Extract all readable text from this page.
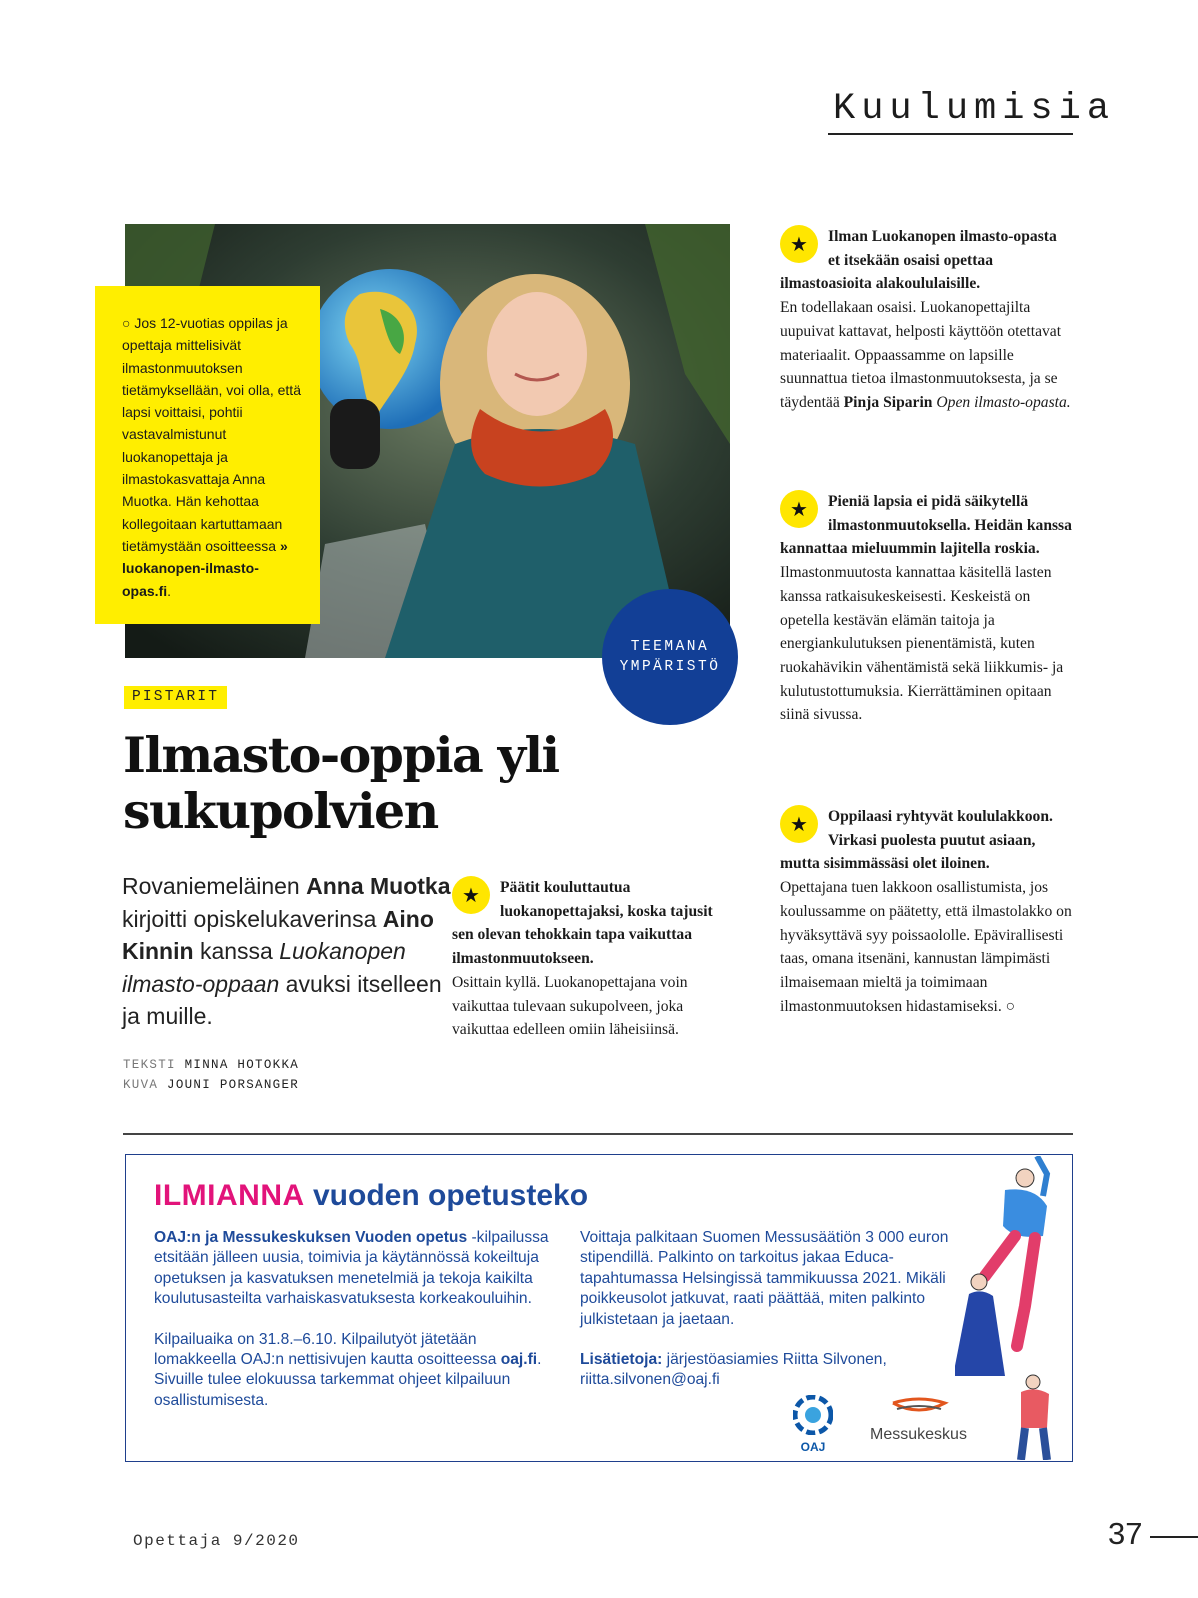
Kuulumisia
○ Jos 12-vuotias oppilas ja opettaja mittelisivät ilmastonmuutoksen tietämyksellään, voi olla, että lapsi voittaisi, pohtii vastavalmistunut luokanopettaja ja ilmastokasvattaja Anna Muotka. Hän kehottaa kollegoitaan kartuttamaan tietämystään osoitteessa » luokanopen-ilmasto-opas.fi.
TEEMANA
YMPÄRISTÖ
PISTARIT
Ilmasto-oppia yli sukupolvien
Rovaniemeläinen Anna Muotka kirjoitti opiskelukaverinsa Aino Kinnin kanssa Luokanopen ilmasto-oppaan avuksi itselleen ja muille.
TEKSTI MINNA HOTOKKA
KUVA JOUNI PORSANGER
★	Päätit kouluttautua luokanopettajaksi, koska tajusit sen olevan tehokkain tapa vaikuttaa ilmastonmuutokseen.
Osittain kyllä. Luokanopettajana voin vaikuttaa tulevaan sukupolveen, joka vaikuttaa edelleen omiin läheisiinsä.
★	Ilman Luokanopen ilmasto-opasta et itsekään osaisi opettaa ilmastoasioita alakoululaisille.
En todellakaan osaisi. Luokanopettajilta uupuivat kattavat, helposti käyttöön otettavat materiaalit. Oppaassamme on lapsille suunnattua tietoa ilmastonmuutoksesta, ja se täydentää Pinja Siparin Open ilmasto-opasta.
★	Pieniä lapsia ei pidä säikytellä ilmastonmuutoksella. Heidän kanssa kannattaa mieluummin lajitella roskia.
Ilmastonmuutosta kannattaa käsitellä lasten kanssa ratkaisukeskeisesti. Keskeistä on opetella kestävän elämän taitoja ja energiankulutuksen pienentämistä, kuten ruokahävikin vähentämistä sekä liikkumis- ja kulutustottumuksia. Kierrättäminen opitaan siinä sivussa.
★	Oppilaasi ryhtyvät koululakkoon. Virkasi puolesta puutut asiaan, mutta sisimmässäsi olet iloinen.
Opettajana tuen lakkoon osallistumista, jos koulussamme on päätetty, että ilmastolakko on hyväksyttävä syy poissaololle. Epävirallisesti taas, omana itsenäni, kannustan lämpimästi ilmaisemaan mieltä ja toimimaan ilmastonmuutoksen hidastamiseksi. ○
ILMIANNA vuoden opetusteko
OAJ:n ja Messukeskuksen Vuoden opetus -kilpailussa etsitään jälleen uusia, toimivia ja käytännössä kokeiltuja opetuksen ja kasvatuksen menetelmiä ja tekoja kaikilta koulutusasteilta varhaiskasvatuksesta korkeakouluihin.
Kilpailuaika on 31.8.–6.10. Kilpailutyöt jätetään lomakkeella OAJ:n nettisivujen kautta osoitteessa oaj.fi. Sivuille tulee elokuussa tarkemmat ohjeet kilpailuun osallistumisesta.
Voittaja palkitaan Suomen Messusäätiön 3 000 euron stipendillä. Palkinto on tarkoitus jakaa Educa-tapahtumassa Helsingissä tammikuussa 2021. Mikäli poikkeusolot jatkuvat, raati päättää, miten palkinto julkistetaan ja jaetaan.
Lisätietoja: järjestöasiamies Riitta Silvonen, riitta.silvonen@oaj.fi
OAJ
Messukeskus
Opettaja 9/2020	37
